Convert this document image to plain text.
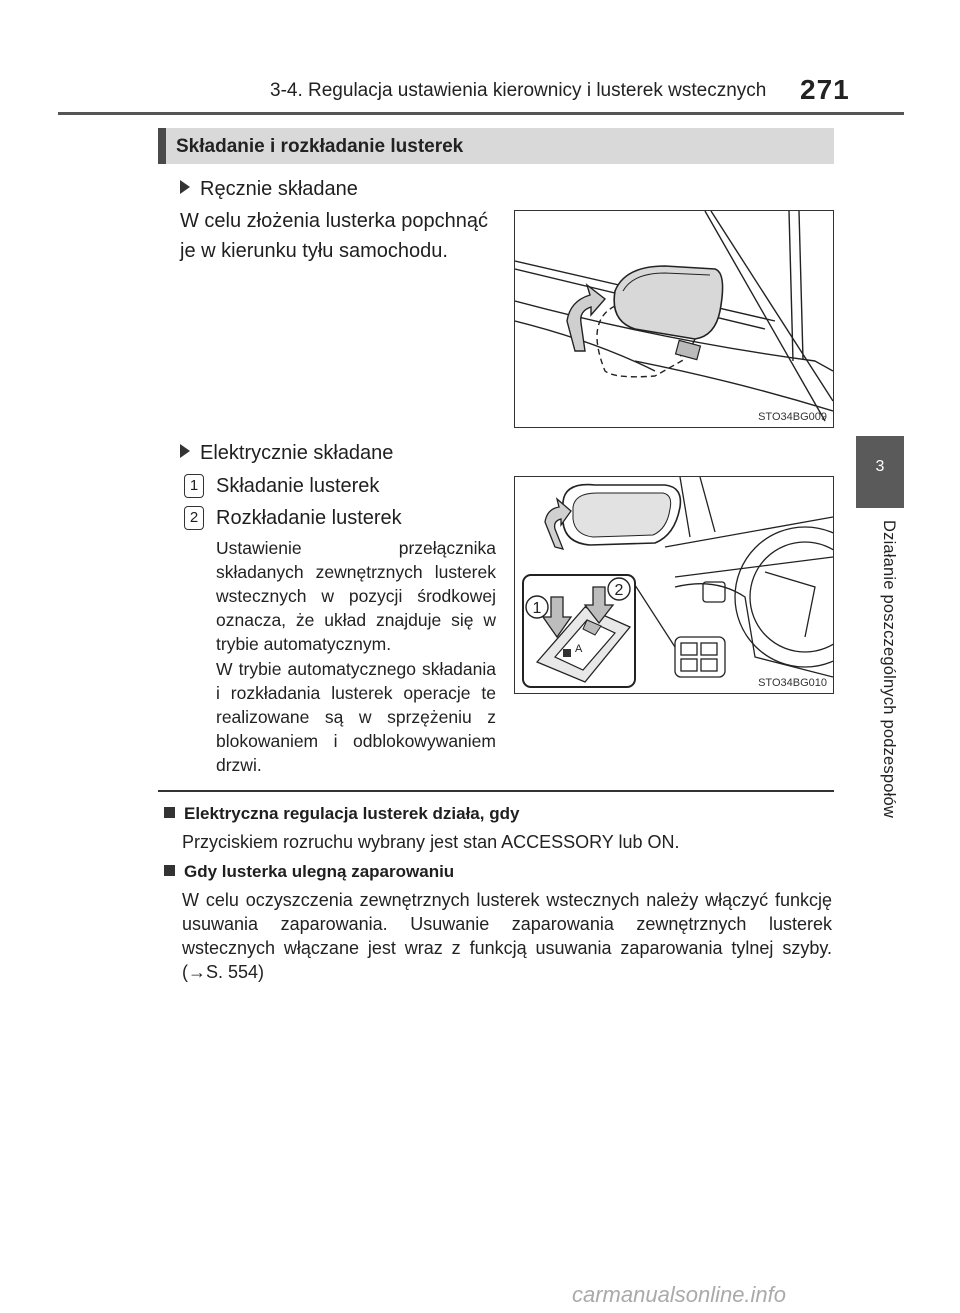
3-4. Regulacja ustawienia kierownicy i lusterek wstecznych 271
3
Działanie poszczególnych podzespołów
Składanie i rozkładanie lusterek
Ręcznie składane
W celu złożenia lusterka popchnąć je w kierunku tyłu samochodu.
STO34BG009
Elektrycznie składane
1 Składanie lusterek
2 Rozkładanie lusterek
Ustawienie przełącznika składanych zewnętrznych lusterek wstecznych w pozycji środkowej oznacza, że układ znajduje się w trybie automatycznym.
W trybie automatycznego składania i rozkładania lusterek operacje te realizowane są w sprzężeniu z blokowaniem i odblokowywaniem drzwi.
1
2
A
STO34BG010
Elektryczna regulacja lusterek działa, gdy
Przyciskiem rozruchu wybrany jest stan ACCESSORY lub ON.
Gdy lusterka ulegną zaparowaniu
W celu oczyszczenia zewnętrznych lusterek wstecznych należy włączyć funkcję usuwania zaparowania. Usuwanie zaparowania zewnętrznych lusterek wstecznych włączane jest wraz z funkcją usuwania zaparowania tylnej szyby. (→S. 554)
carmanualsonline.info
